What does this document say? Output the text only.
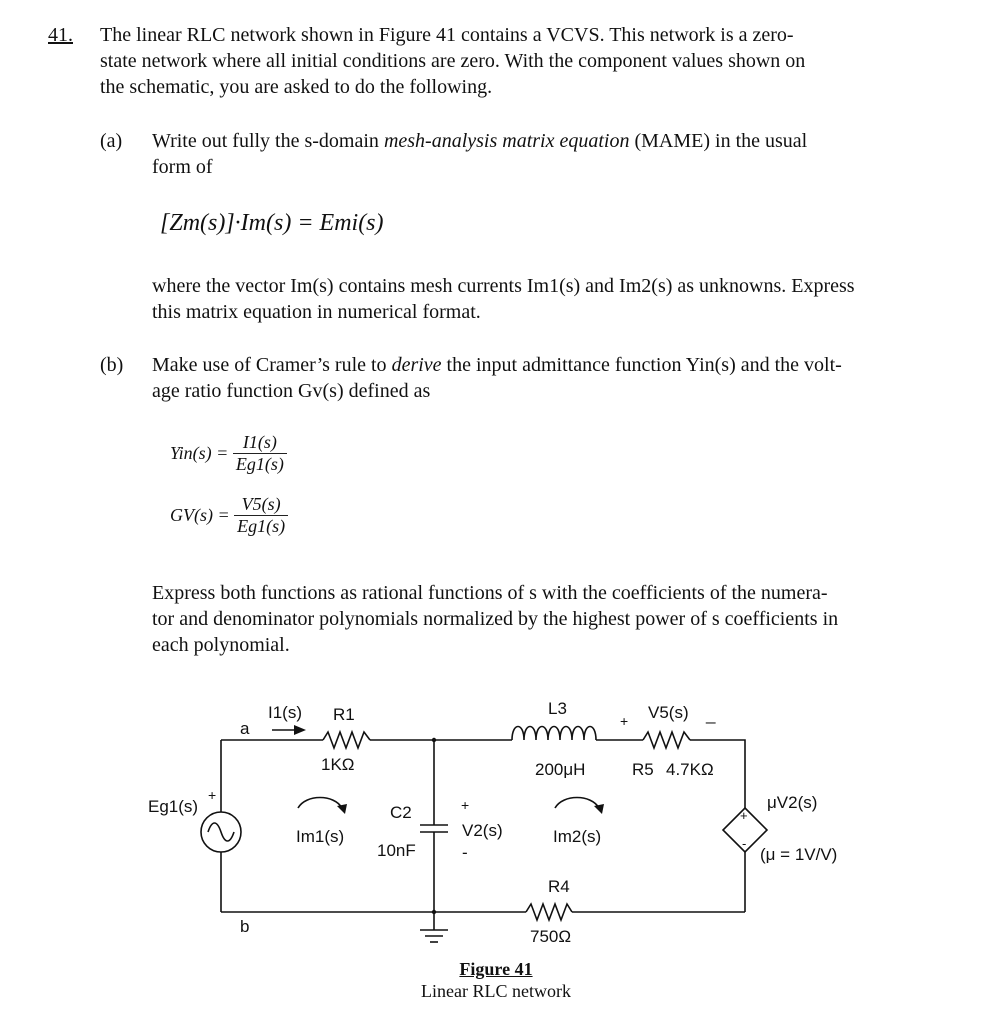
41. The linear RLC network shown in Figure 41 contains a VCVS. This network is a zero-
state network where all initial conditions are zero. With the component values shown on
the schematic, you are asked to do the following.
(a) Write out fully the s-domain mesh-analysis matrix equation (MAME) in the usual
form of
[Zm(s)]·Im(s) = Emi(s)
where the vector Im(s) contains mesh currents Im1(s) and Im2(s) as unknowns. Express
this matrix equation in numerical format.
(b) Make use of Cramer’s rule to derive the input admittance function Yin(s) and the volt-
age ratio function Gv(s) defined as
$Yin(s) = \frac{I1(s)}{Eg1(s)}$
$GV(s) = \frac{V5(s)}{Eg1(s)}$
Express both functions as rational functions of s with the coefficients of the numera-
tor and denominator polynomials normalized by the highest power of s coefficients in
each polynomial.
a
b
I1(s) R1
1KΩ
Eg1(s)
+
Im1(s)
C2
10nF
+
V2(s)
-
L3
200μH
Im2(s)
+ V5(s) _
R5 4.7KΩ
+
-
μV2(s)
(μ = 1V/V)
R4
750Ω
Figure 41
Linear RLC network
